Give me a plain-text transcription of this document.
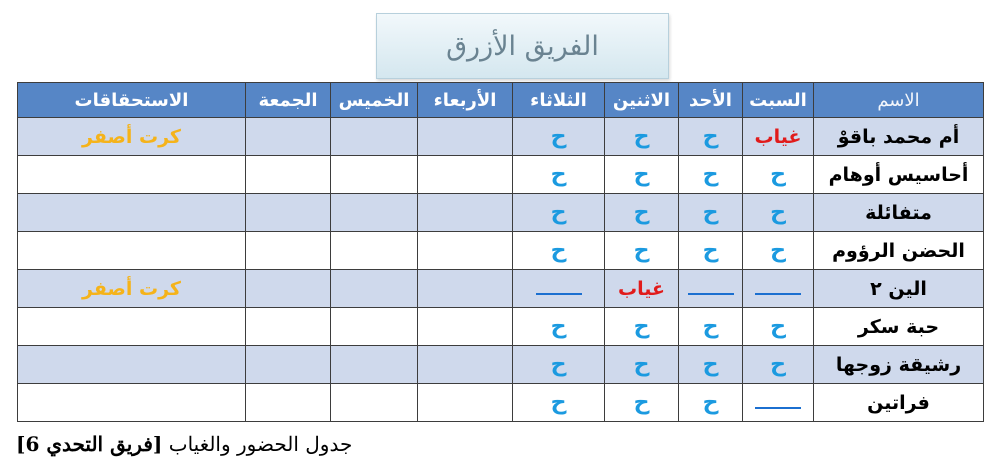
الفريق الأزرق
الاسم	السبت	الأحد	الاثنين	الثلاثاء	الأربعاء	الخميس	الجمعة	الاستحقاقات
أم محمد باقوْ	غياب	ح	ح	ح				كرت أصفر
أحاسيس أوهام	ح	ح	ح	ح				
متفائلة	ح	ح	ح	ح				
الحضن الرؤوم	ح	ح	ح	ح				
الين ٢			غياب					كرت أصفر
حبة سكر	ح	ح	ح	ح				
رشيقة زوجها	ح	ح	ح	ح				
فراتين		ح	ح	ح				
جدول الحضور والغياب [فريق التحدي 6]
